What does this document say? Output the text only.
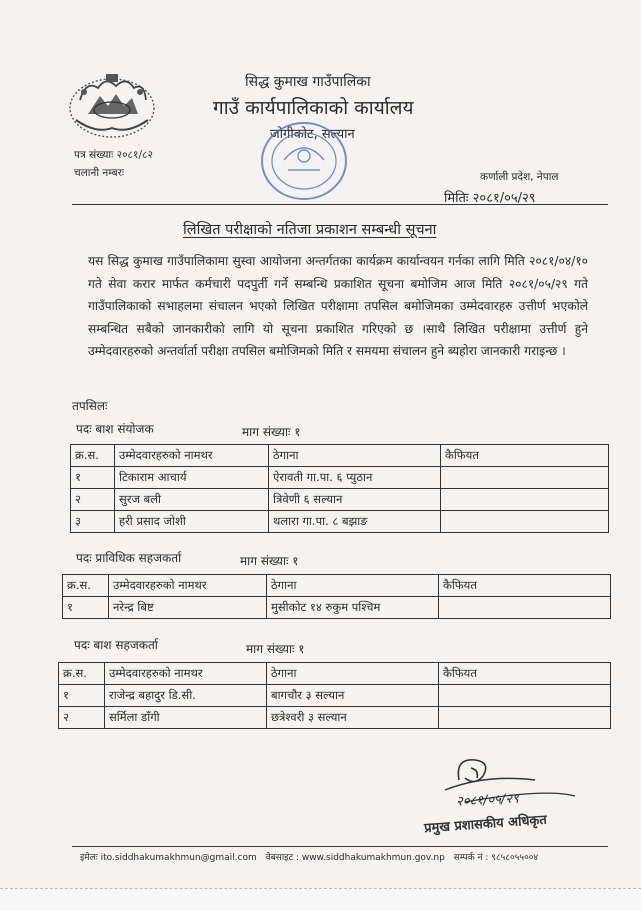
सिद्ध कुमाख गाउँपालिका
गाउँ कार्यपालिकाको कार्यालय
जोगीकोट, सल्यान
पत्र संख्याः २०८१/८२
चलानी नम्बरः	कर्णाली प्रदेश, नेपाल
मितिः २०८१/०५/२९
लिखित परीक्षाको नतिजा प्रकाशन सम्बन्धी सूचना

यस सिद्ध कुमाख गाउँपालिकामा सुस्वा आयोजना अन्तर्गतका कार्यक्रम कार्यान्वयन गर्नका लागि मिति २०८१/०४/१० गते सेवा करार मार्फत कर्मचारी पदपुर्ती गर्ने सम्बन्धि प्रकाशित सूचना बमोजिम आज मिति २०८१/०५/२९ गते गाउँपालिकाको सभाहलमा संचालन भएको लिखित परीक्षामा तपसिल बमोजिमका उम्मेदवारहरु उत्तीर्ण भएकोले सम्बन्धित सबैको जानकारीको लागि यो सूचना प्रकाशित गरिएको छ ।साथै लिखित परीक्षामा उत्तीर्ण हुने उम्मेदवारहरुको अन्तर्वार्ता परीक्षा तपसिल बमोजिमको मिति र समयमा संचालन हुने ब्यहोरा जानकारी गराइन्छ ।

तपसिलः
पदः बाश संयोजक	माग संख्याः १
क्र.स.	उम्मेदवारहरुको नामथर	ठेगाना	कैफियत
१	टिकाराम आचार्य	ऐरावती गा.पा. ६ प्युठान	
२	सुरज बली	त्रिवेणी ६ सल्यान	
३	हरी प्रसाद जोशी	थलारा गा.पा. ८ बझाङ	
पदः प्राविधिक सहजकर्ता	माग संख्याः १
क्र.स.	उम्मेदवारहरुको नामथर	ठेगाना	कैफियत
१	नरेन्द्र बिष्ट	मुसीकोट १४ रुकुम पश्चिम	
पदः बाश सहजकर्ता	माग संख्याः १
क्र.स.	उम्मेदवारहरुको नामथर	ठेगाना	कैफियत
१	राजेन्द्र बहादुर डि.सी.	बागचौर ३ सल्यान	
२	सर्मिला डाँगी	छत्रेश्वरी ३ सल्यान	
२०८१/०५/२९
प्रमुख प्रशासकीय अधिकृत
इमेलः ito.siddhakumakhmun@gmail.com वेबसाइट : www.siddhakumakhmun.gov.np सम्पर्क नं : ९८५८०५५००४
